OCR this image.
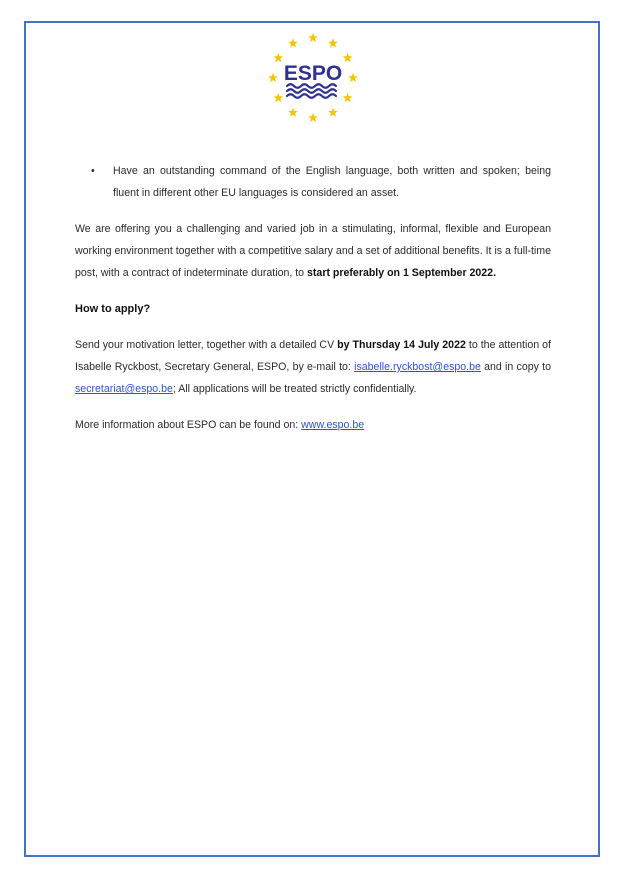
ESPO
• Have an outstanding command of the English language, both written and spoken; being fluent in different other EU languages is considered an asset.

We are offering you a challenging and varied job in a stimulating, informal, flexible and European working environment together with a competitive salary and a set of additional benefits. It is a full-time post, with a contract of indeterminate duration, to start preferably on 1 September 2022.

How to apply?

Send your motivation letter, together with a detailed CV by Thursday 14 July 2022 to the attention of Isabelle Ryckbost, Secretary General, ESPO, by e-mail to: isabelle.ryckbost@espo.be and in copy to secretariat@espo.be; All applications will be treated strictly confidentially.

More information about ESPO can be found on: www.espo.be
